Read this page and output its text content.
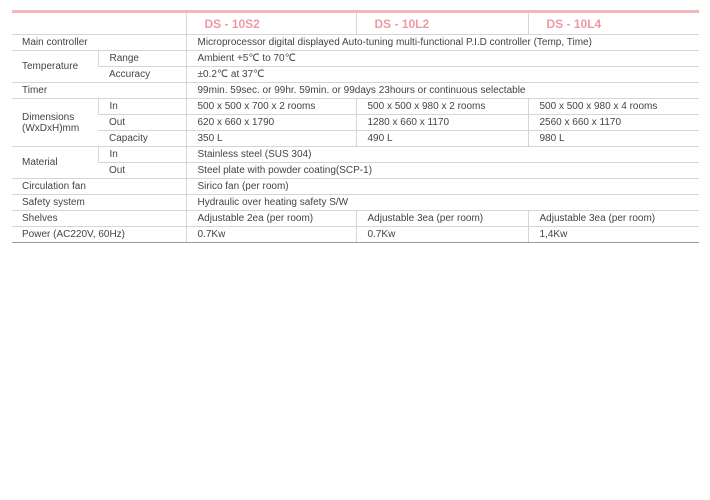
		DS - 10S2	DS - 10L2	DS - 10L4
Main controller		Microprocessor digital displayed Auto-tuning multi-functional P.I.D controller (Temp, Time)		
Temperature	Range	Ambient +5℃ to 70℃		
	Accuracy	±0.2℃ at 37℃		
Timer		99min. 59sec. or 99hr. 59min. or 99days 23hours or continuous selectable		
Dimensions
(WxDxH)mm	In	500 x 500 x 700 x 2 rooms	500 x 500 x 980 x 2 rooms	500 x 500 x 980 x 4 rooms
	Out	620 x 660 x 1790	1280 x 660 x 1170	2560 x 660 x 1170
	Capacity	350 L	490 L	980 L
Material	In	Stainless steel (SUS 304)		
	Out	Steel plate with powder coating(SCP-1)		
Circulation fan		Sirico fan (per room)		
Safety system		Hydraulic over heating safety S/W		
Shelves		Adjustable 2ea (per room)	Adjustable 3ea (per room)	Adjustable 3ea (per room)
Power (AC220V, 60Hz)		0.7Kw	0.7Kw	1,4Kw
